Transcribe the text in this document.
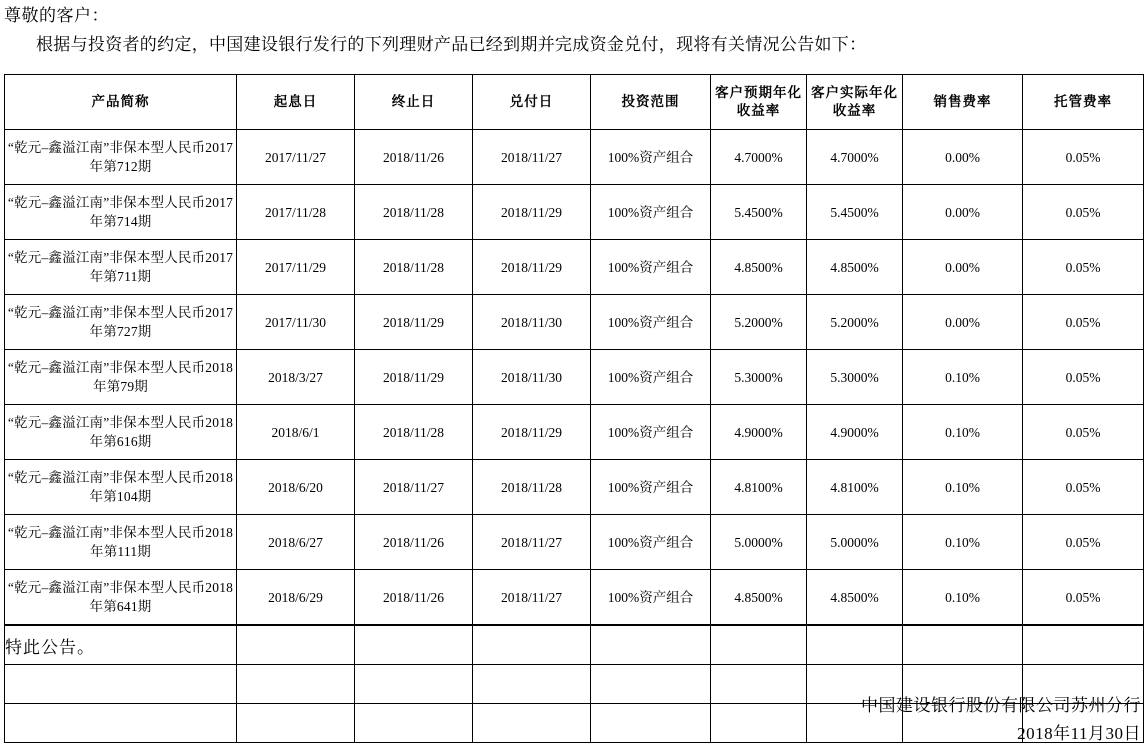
尊敬的客户：
根据与投资者的约定，中国建设银行发行的下列理财产品已经到期并完成资金兑付，现将有关情况公告如下：
产品简称	起息日	终止日	兑付日	投资范围	客户预期年化收益率	客户实际年化收益率	销售费率	托管费率
“乾元–鑫溢江南”非保本型人民币2017年第712期	2017/11/27	2018/11/26	2018/11/27	100%资产组合	4.7000%	4.7000%	0.00%	0.05%
“乾元–鑫溢江南”非保本型人民币2017年第714期	2017/11/28	2018/11/28	2018/11/29	100%资产组合	5.4500%	5.4500%	0.00%	0.05%
“乾元–鑫溢江南”非保本型人民币2017年第711期	2017/11/29	2018/11/28	2018/11/29	100%资产组合	4.8500%	4.8500%	0.00%	0.05%
“乾元–鑫溢江南”非保本型人民币2017年第727期	2017/11/30	2018/11/29	2018/11/30	100%资产组合	5.2000%	5.2000%	0.00%	0.05%
“乾元–鑫溢江南”非保本型人民币2018年第79期	2018/3/27	2018/11/29	2018/11/30	100%资产组合	5.3000%	5.3000%	0.10%	0.05%
“乾元–鑫溢江南”非保本型人民币2018年第616期	2018/6/1	2018/11/28	2018/11/29	100%资产组合	4.9000%	4.9000%	0.10%	0.05%
“乾元–鑫溢江南”非保本型人民币2018年第104期	2018/6/20	2018/11/27	2018/11/28	100%资产组合	4.8100%	4.8100%	0.10%	0.05%
“乾元–鑫溢江南”非保本型人民币2018年第111期	2018/6/27	2018/11/26	2018/11/27	100%资产组合	5.0000%	5.0000%	0.10%	0.05%
“乾元–鑫溢江南”非保本型人民币2018年第641期	2018/6/29	2018/11/26	2018/11/27	100%资产组合	4.8500%	4.8500%	0.10%	0.05%
特此公告。								

中国建设银行股份有限公司苏州分行
2018年11月30日
